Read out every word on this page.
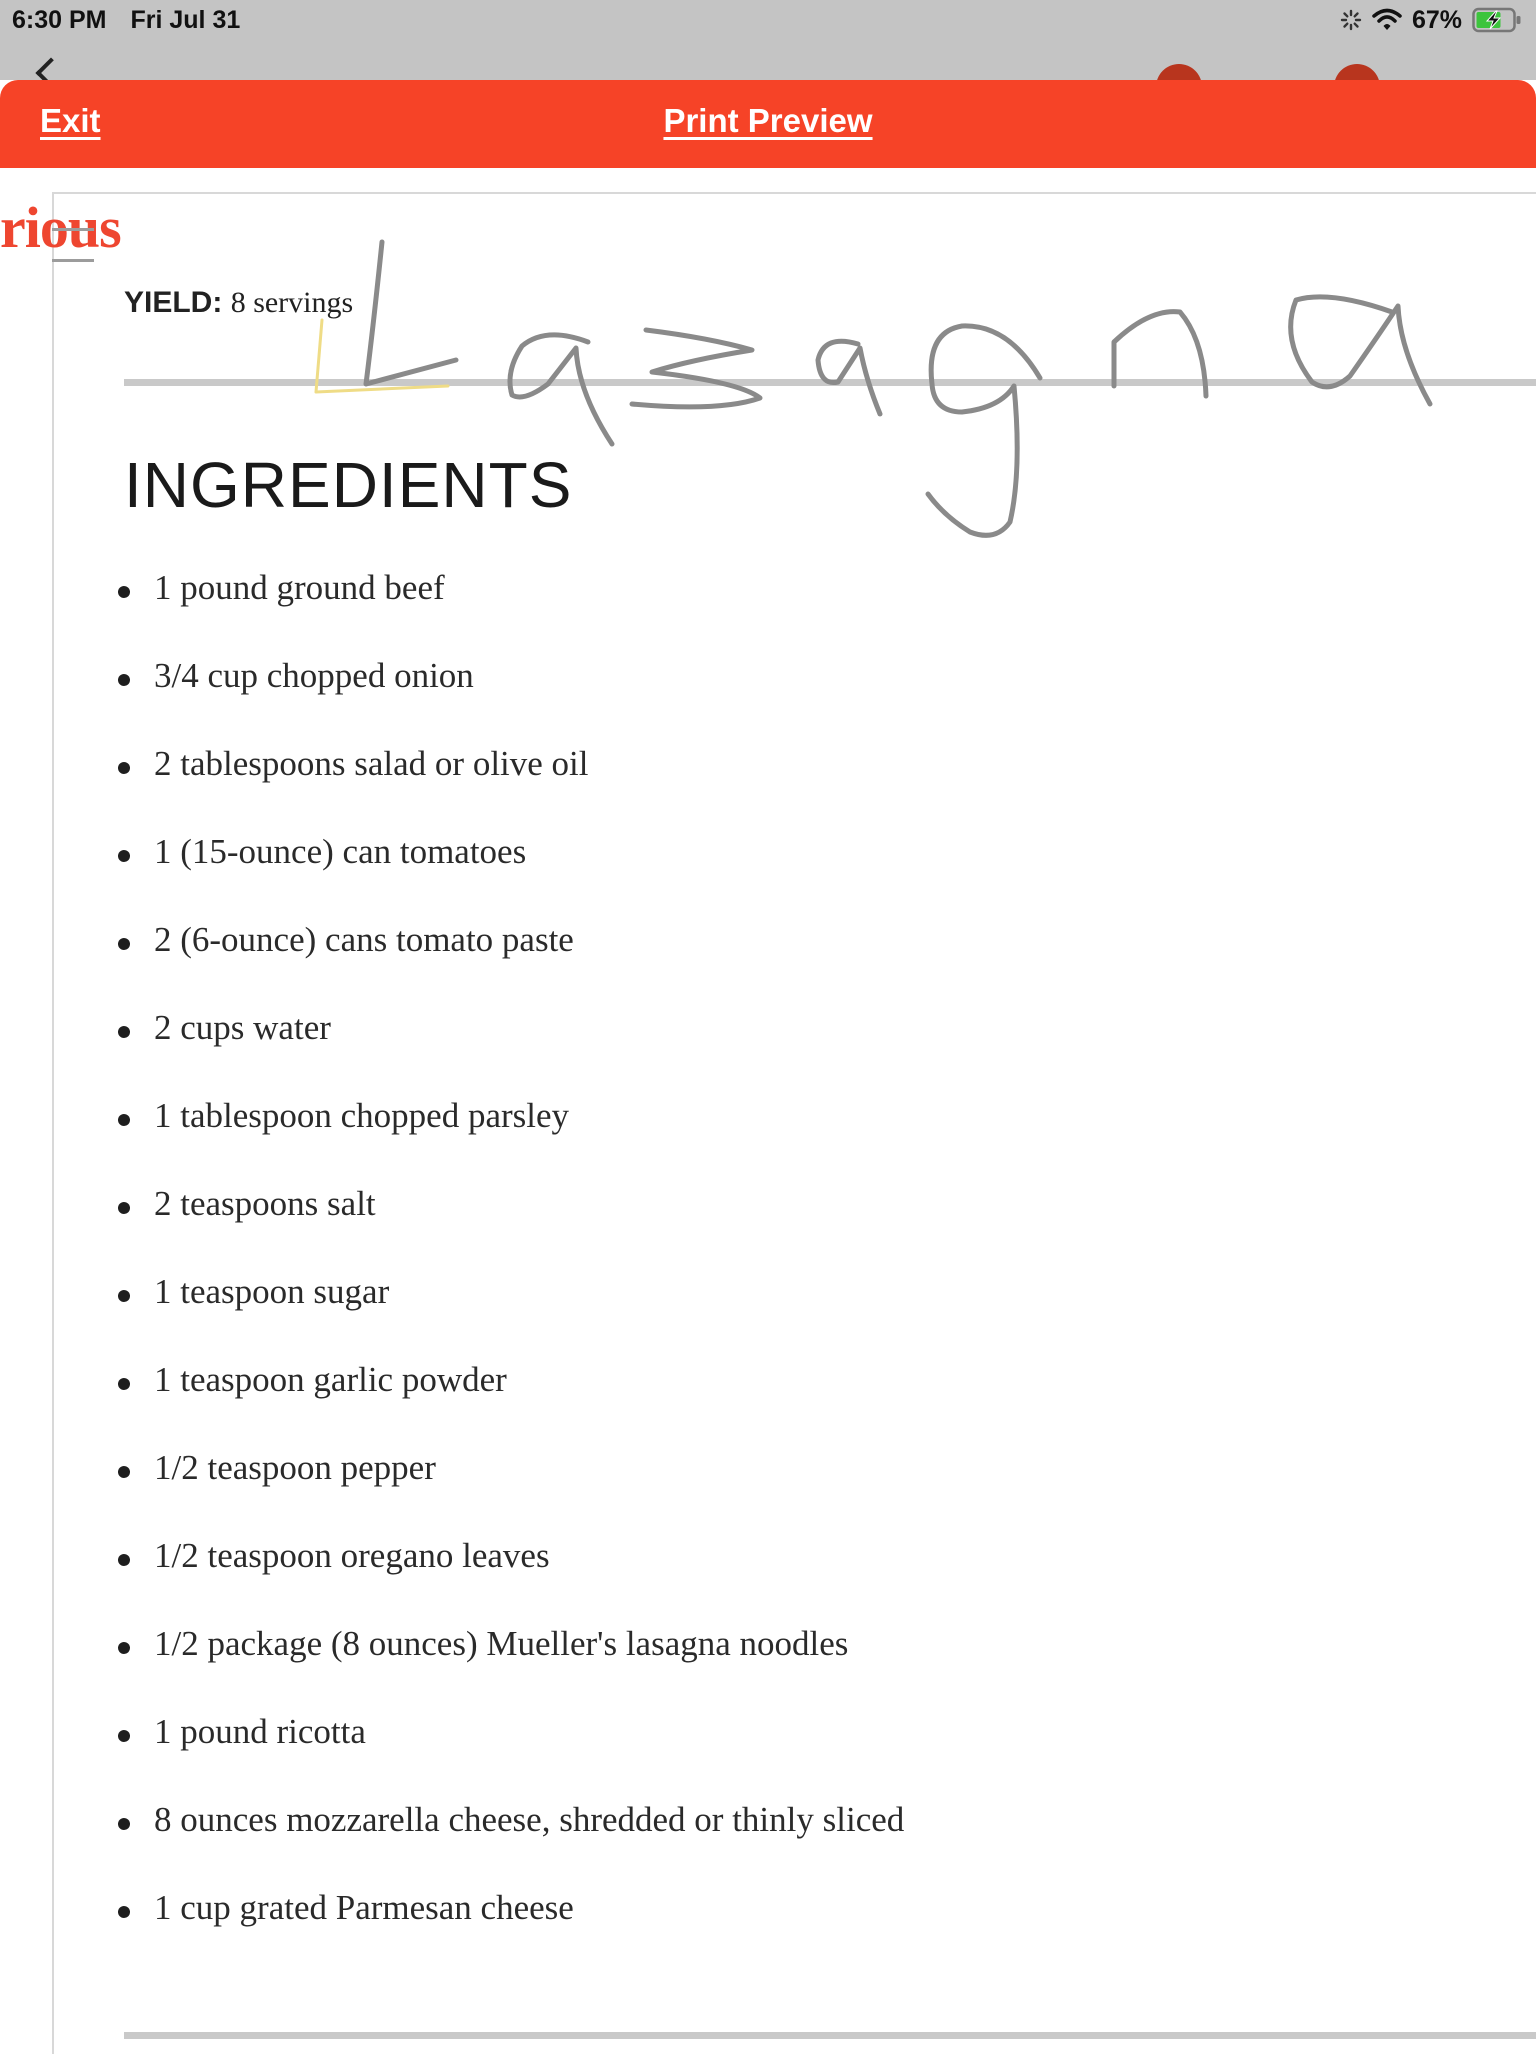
6:30 PM Fri Jul 31	67%
Exit	Print Preview
rious
YIELD: 8 servings
INGREDIENTS
1 pound ground beef
3/4 cup chopped onion
2 tablespoons salad or olive oil
1 (15-ounce) can tomatoes
2 (6-ounce) cans tomato paste
2 cups water
1 tablespoon chopped parsley
2 teaspoons salt
1 teaspoon sugar
1 teaspoon garlic powder
1/2 teaspoon pepper
1/2 teaspoon oregano leaves
1/2 package (8 ounces) Mueller's lasagna noodles
1 pound ricotta
8 ounces mozzarella cheese, shredded or thinly sliced
1 cup grated Parmesan cheese
